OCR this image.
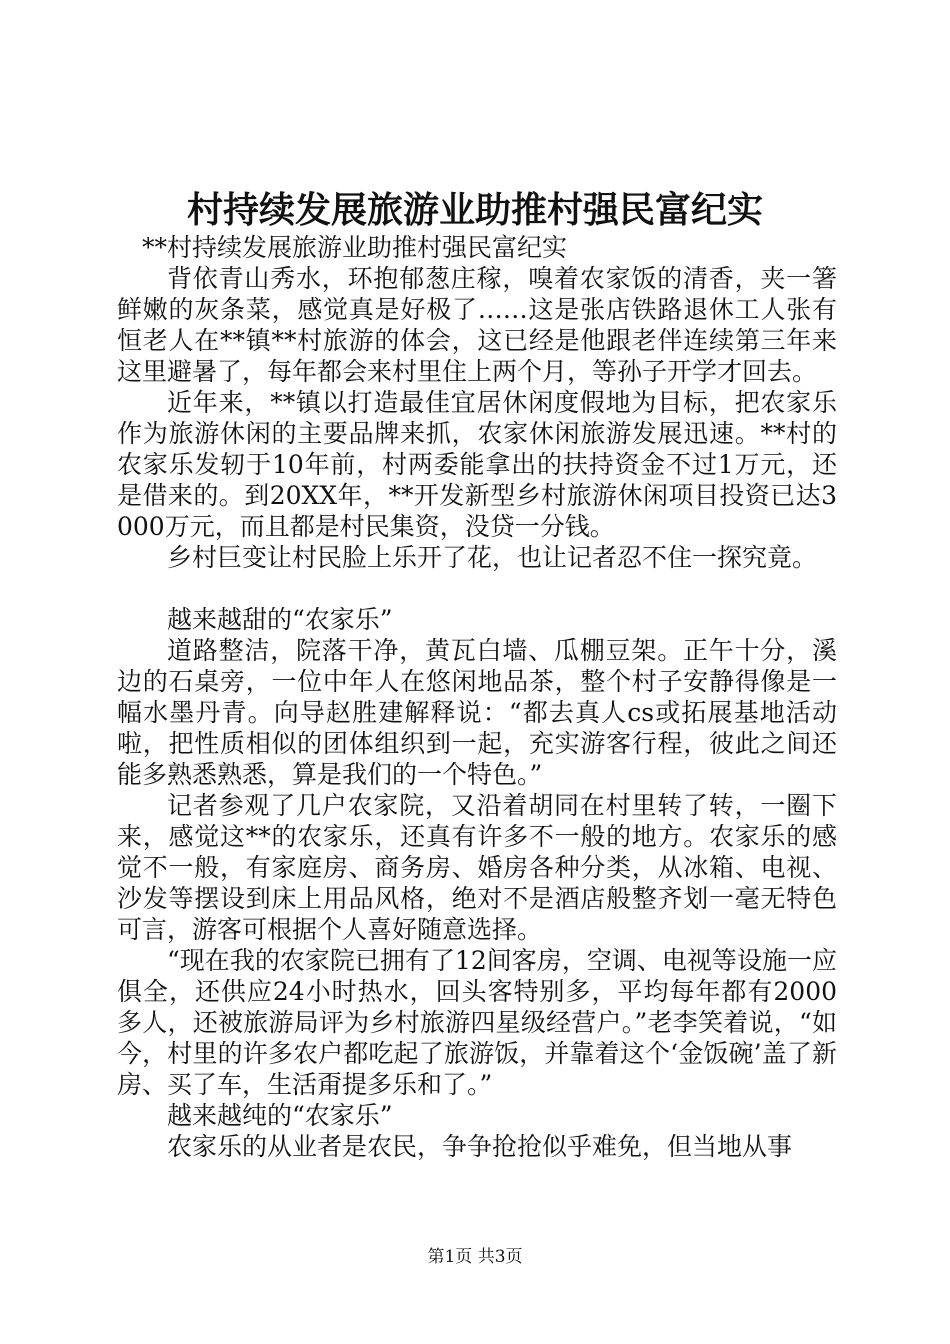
村持续发展旅游业助推村强民富纪实

**村持续发展旅游业助推村强民富纪实

背依青山秀水，环抱郁葱庄稼，嗅着农家饭的清香，夹一箸鲜嫩的灰条菜，感觉真是好极了……这是张店铁路退休工人张有恒老人在**镇**村旅游的体会，这已经是他跟老伴连续第三年来这里避暑了，每年都会来村里住上两个月，等孙子开学才回去。

近年来，**镇以打造最佳宜居休闲度假地为目标，把农家乐作为旅游休闲的主要品牌来抓，农家休闲旅游发展迅速。**村的农家乐发轫于10年前，村两委能拿出的扶持资金不过1万元，还是借来的。到20XX年，**开发新型乡村旅游休闲项目投资已达3000万元，而且都是村民集资，没贷一分钱。

乡村巨变让村民脸上乐开了花，也让记者忍不住一探究竟。

越来越甜的“农家乐”

道路整洁，院落干净，黄瓦白墙、瓜棚豆架。正午十分，溪边的石桌旁，一位中年人在悠闲地品茶，整个村子安静得像是一幅水墨丹青。向导赵胜建解释说：“都去真人cs或拓展基地活动啦，把性质相似的团体组织到一起，充实游客行程，彼此之间还能多熟悉熟悉，算是我们的一个特色。”

记者参观了几户农家院，又沿着胡同在村里转了转，一圈下来，感觉这**的农家乐，还真有许多不一般的地方。农家乐的感觉不一般，有家庭房、商务房、婚房各种分类，从冰箱、电视、沙发等摆设到床上用品风格，绝对不是酒店般整齐划一毫无特色可言，游客可根据个人喜好随意选择。

“现在我的农家院已拥有了12间客房，空调、电视等设施一应俱全，还供应24小时热水，回头客特别多，平均每年都有2000多人，还被旅游局评为乡村旅游四星级经营户。”老李笑着说，“如今，村里的许多农户都吃起了旅游饭，并靠着这个‘金饭碗’盖了新房、买了车，生活甭提多乐和了。”

越来越纯的“农家乐”

农家乐的从业者是农民，争争抢抢似乎难免，但当地从事

第1页 共3页
